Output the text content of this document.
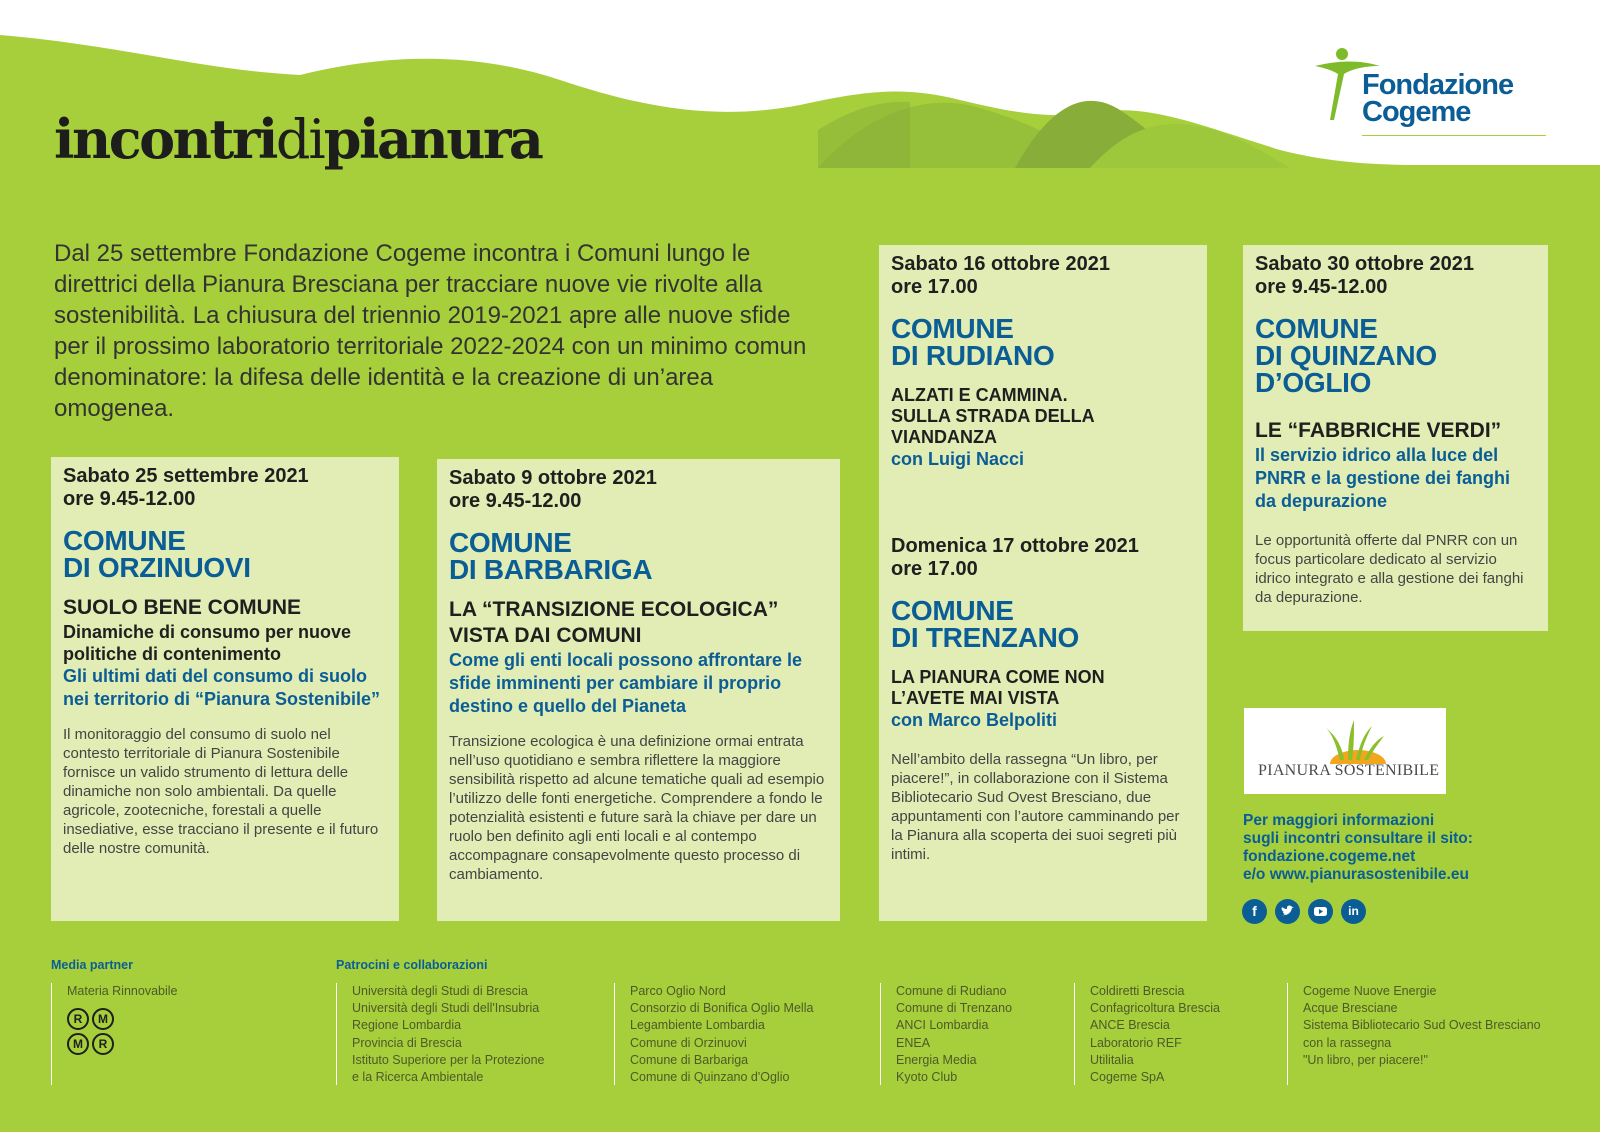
incontridipianura
Fondazione
Cogeme

Dal 25 settembre Fondazione Cogeme incontra i Comuni lungo le direttrici della Pianura Bresciana per tracciare nuove vie rivolte alla sostenibilità. La chiusura del triennio 2019-2021 apre alle nuove sfide per il prossimo laboratorio territoriale 2022-2024 con un minimo comun denominatore: la difesa delle identità e la creazione di un’area omogenea.

Sabato 25 settembre 2021

ore 9.45-12.00

COMUNE
DI ORZINUOVI

SUOLO BENE COMUNE

Dinamiche di consumo per nuove politiche di contenimento

Gli ultimi dati del consumo di suolo nei territorio di “Pianura Sostenibile”

Il monitoraggio del consumo di suolo nel contesto territoriale di Pianura Sostenibile fornisce un valido strumento di lettura delle dinamiche non solo ambientali. Da quelle agricole, zootecniche, forestali a quelle insediative, esse tracciano il presente e il futuro delle nostre comunità.

Sabato 9 ottobre 2021

ore 9.45-12.00

COMUNE
DI BARBARIGA

LA “TRANSIZIONE ECOLOGICA” VISTA DAI COMUNI

Come gli enti locali possono affrontare le sfide imminenti per cambiare il proprio destino e quello del Pianeta

Transizione ecologica è una definizione ormai entrata nell’uso quotidiano e sembra riflettere la maggiore sensibilità rispetto ad alcune tematiche quali ad esempio l’utilizzo delle fonti energetiche. Comprendere a fondo le potenzialità esistenti e future sarà la chiave per dare un ruolo ben definito agli enti locali e al contempo accompagnare consapevolmente questo processo di cambiamento.

Sabato 16 ottobre 2021

ore 17.00

COMUNE
DI RUDIANO

ALZATI E CAMMINA. SULLA STRADA DELLA VIANDANZA

con Luigi Nacci

Domenica 17 ottobre 2021

ore 17.00

COMUNE
DI TRENZANO

LA PIANURA COME NON L’AVETE MAI VISTA

con Marco Belpoliti

Nell’ambito della rassegna “Un libro, per piacere!”, in collaborazione con il Sistema Bibliotecario Sud Ovest Bresciano, due appuntamenti con l’autore camminando per la Pianura alla scoperta dei suoi segreti più intimi.

Sabato 30 ottobre 2021

ore 9.45-12.00

COMUNE
DI QUINZANO
D’OGLIO

LE “FABBRICHE VERDI”

Il servizio idrico alla luce del PNRR e la gestione dei fanghi da depurazione

Le opportunità offerte dal PNRR con un focus particolare dedicato al servizio idrico integrato e alla gestione dei fanghi da depurazione.

PIANURA SOSTENIBILE
Per maggiori informazioni
sugli incontri consultare il sito:
fondazione.cogeme.net
e/o www.pianurasostenibile.eu
f	in
Media partner
Materia Rinnovabile
R	M
M	R
Patrocini e collaborazioni
Università degli Studi di Brescia
Università degli Studi dell'Insubria
Regione Lombardia
Provincia di Brescia
Istituto Superiore per la Protezione
e la Ricerca Ambientale
Parco Oglio Nord
Consorzio di Bonifica Oglio Mella
Legambiente Lombardia
Comune di Orzinuovi
Comune di Barbariga
Comune di Quinzano d'Oglio
Comune di Rudiano
Comune di Trenzano
ANCI Lombardia
ENEA
Energia Media
Kyoto Club
Coldiretti Brescia
Confagricoltura Brescia
ANCE Brescia
Laboratorio REF
Utilitalia
Cogeme SpA
Cogeme Nuove Energie
Acque Bresciane
Sistema Bibliotecario Sud Ovest Bresciano
con la rassegna
"Un libro, per piacere!"
